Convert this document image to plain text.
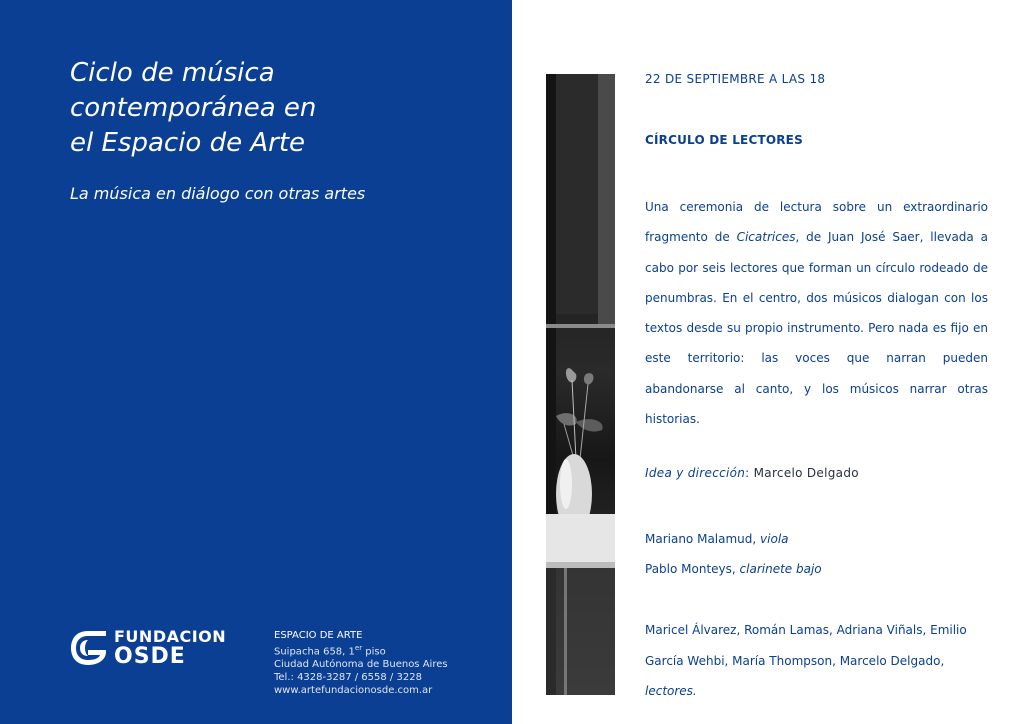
Ciclo de música
contemporánea en
el Espacio de Arte

La música en diálogo con otras artes

FUNDACION
OSDE
ESPACIO DE ARTE
Suipacha 658, 1er piso
Ciudad Autónoma de Buenos Aires
Tel.: 4328-3287 / 6558 / 3228
www.artefundacionosde.com.ar

22 DE SEPTIEMBRE A LAS 18

CÍRCULO DE LECTORES

Una ceremonia de lectura sobre un extraordinario fragmento de Cicatrices, de Juan José Saer, llevada a cabo por seis lectores que forman un círculo rodeado de penumbras. En el centro, dos músicos dialogan con los textos desde su propio instrumento. Pero nada es fijo en este territorio: las voces que narran pueden abandonarse al canto, y los músicos narrar otras historias.

Idea y dirección: Marcelo Delgado

Mariano Malamud, viola
Pablo Monteys, clarinete bajo

Maricel Álvarez, Román Lamas, Adriana Viñals, Emilio García Wehbi, María Thompson, Marcelo Delgado, lectores.
